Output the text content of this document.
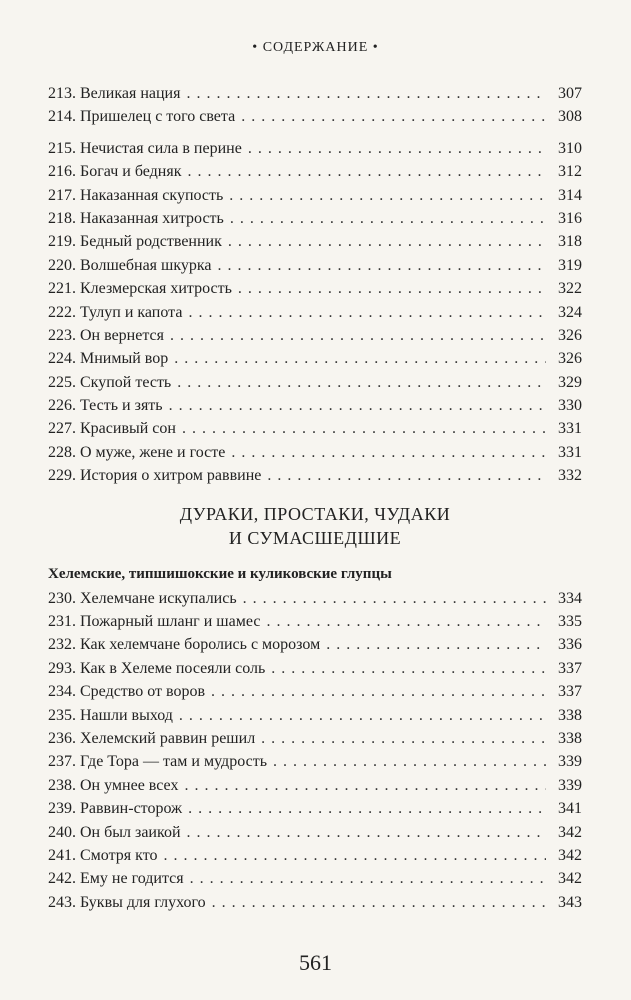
• СОДЕРЖАНИЕ •
213. Великая нация . . .	307
214. Пришелец с того света . . .	308
215. Нечистая сила в перине . . .	310
216. Богач и бедняк . . .	312
217. Наказанная скупость . . .	314
218. Наказанная хитрость . . .	316
219. Бедный родственник . . .	318
220. Волшебная шкурка . . .	319
221. Клезмерская хитрость . . .	322
222. Тулуп и капота . . .	324
223. Он вернется . . .	326
224. Мнимый вор . . .	326
225. Скупой тесть . . .	329
226. Тесть и зять . . .	330
227. Красивый сон . . .	331
228. О муже, жене и госте . . .	331
229. История о хитром раввине . . .	332
ДУРАКИ, ПРОСТАКИ, ЧУДАКИ
И СУМАСШЕДШИЕ
Хелемские, типшишокские и куликовские глупцы
230. Хелемчане искупались . . .	334
231. Пожарный шланг и шамес . . .	335
232. Как хелемчане боролись с морозом . . .	336
293. Как в Хелеме посеяли соль . . .	337
234. Средство от воров . . .	337
235. Нашли выход . . .	338
236. Хелемский раввин решил . . .	338
237. Где Тора — там и мудрость . . .	339
238. Он умнее всех . . .	339
239. Раввин-сторож . . .	341
240. Он был заикой . . .	342
241. Смотря кто . . .	342
242. Ему не годится . . .	342
243. Буквы для глухого . . .	343
561
